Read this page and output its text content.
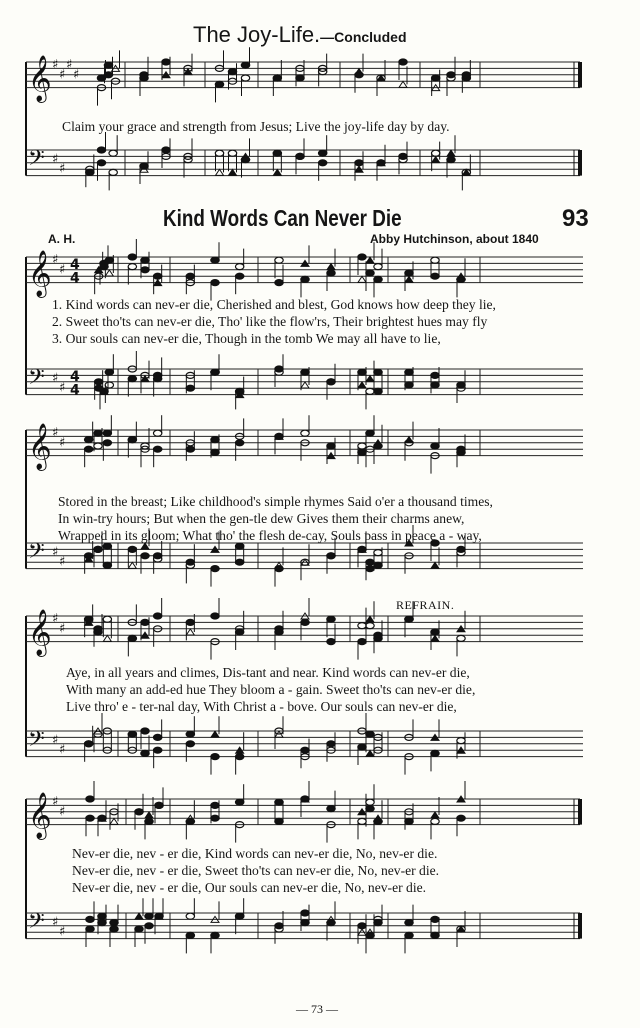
𝄞 ♯
♯
♯
♯
𝄢 ♯
♯
𝄞 ♯
♯ 4
4
𝄢 ♯
♯
4
4
𝄞 ♯
♯
𝄢 ♯
♯
𝄞 ♯
♯
𝄢 ♯
♯
𝄞 ♯
♯
𝄢 ♯
♯
The Joy-Life.—Concluded
Claim your grace and strength from Jesus; Live the joy-life day by day.
Kind Words Can Never Die	93
A. H.	Abby Hutchinson, about 1840
1. Kind words can nev-er die, Cherished and blest, God knows how deep they lie,
2. Sweet tho'ts can nev-er die, Tho' like the flow'rs, Their brightest hues may fly
3. Our souls can nev-er die, Though in the tomb We may all have to lie,
Stored in the breast; Like childhood's simple rhymes Said o'er a thousand times,
In win-try hours; But when the gen-tle dew Gives them their charms anew,
Wrapped in its gloom; What tho' the flesh de-cay, Souls pass in peace a - way,
REFRAIN.
Aye, in all years and climes, Dis-tant and near. Kind words can nev-er die,
With many an add-ed hue They bloom a - gain. Sweet tho'ts can nev-er die,
Live thro' e - ter-nal day, With Christ a - bove. Our souls can nev-er die,
Nev-er die, nev - er die, Kind words can nev-er die, No, nev-er die.
Nev-er die, nev - er die, Sweet tho'ts can nev-er die, No, nev-er die.
Nev-er die, nev - er die, Our souls can nev-er die, No, nev-er die.
— 73 —
